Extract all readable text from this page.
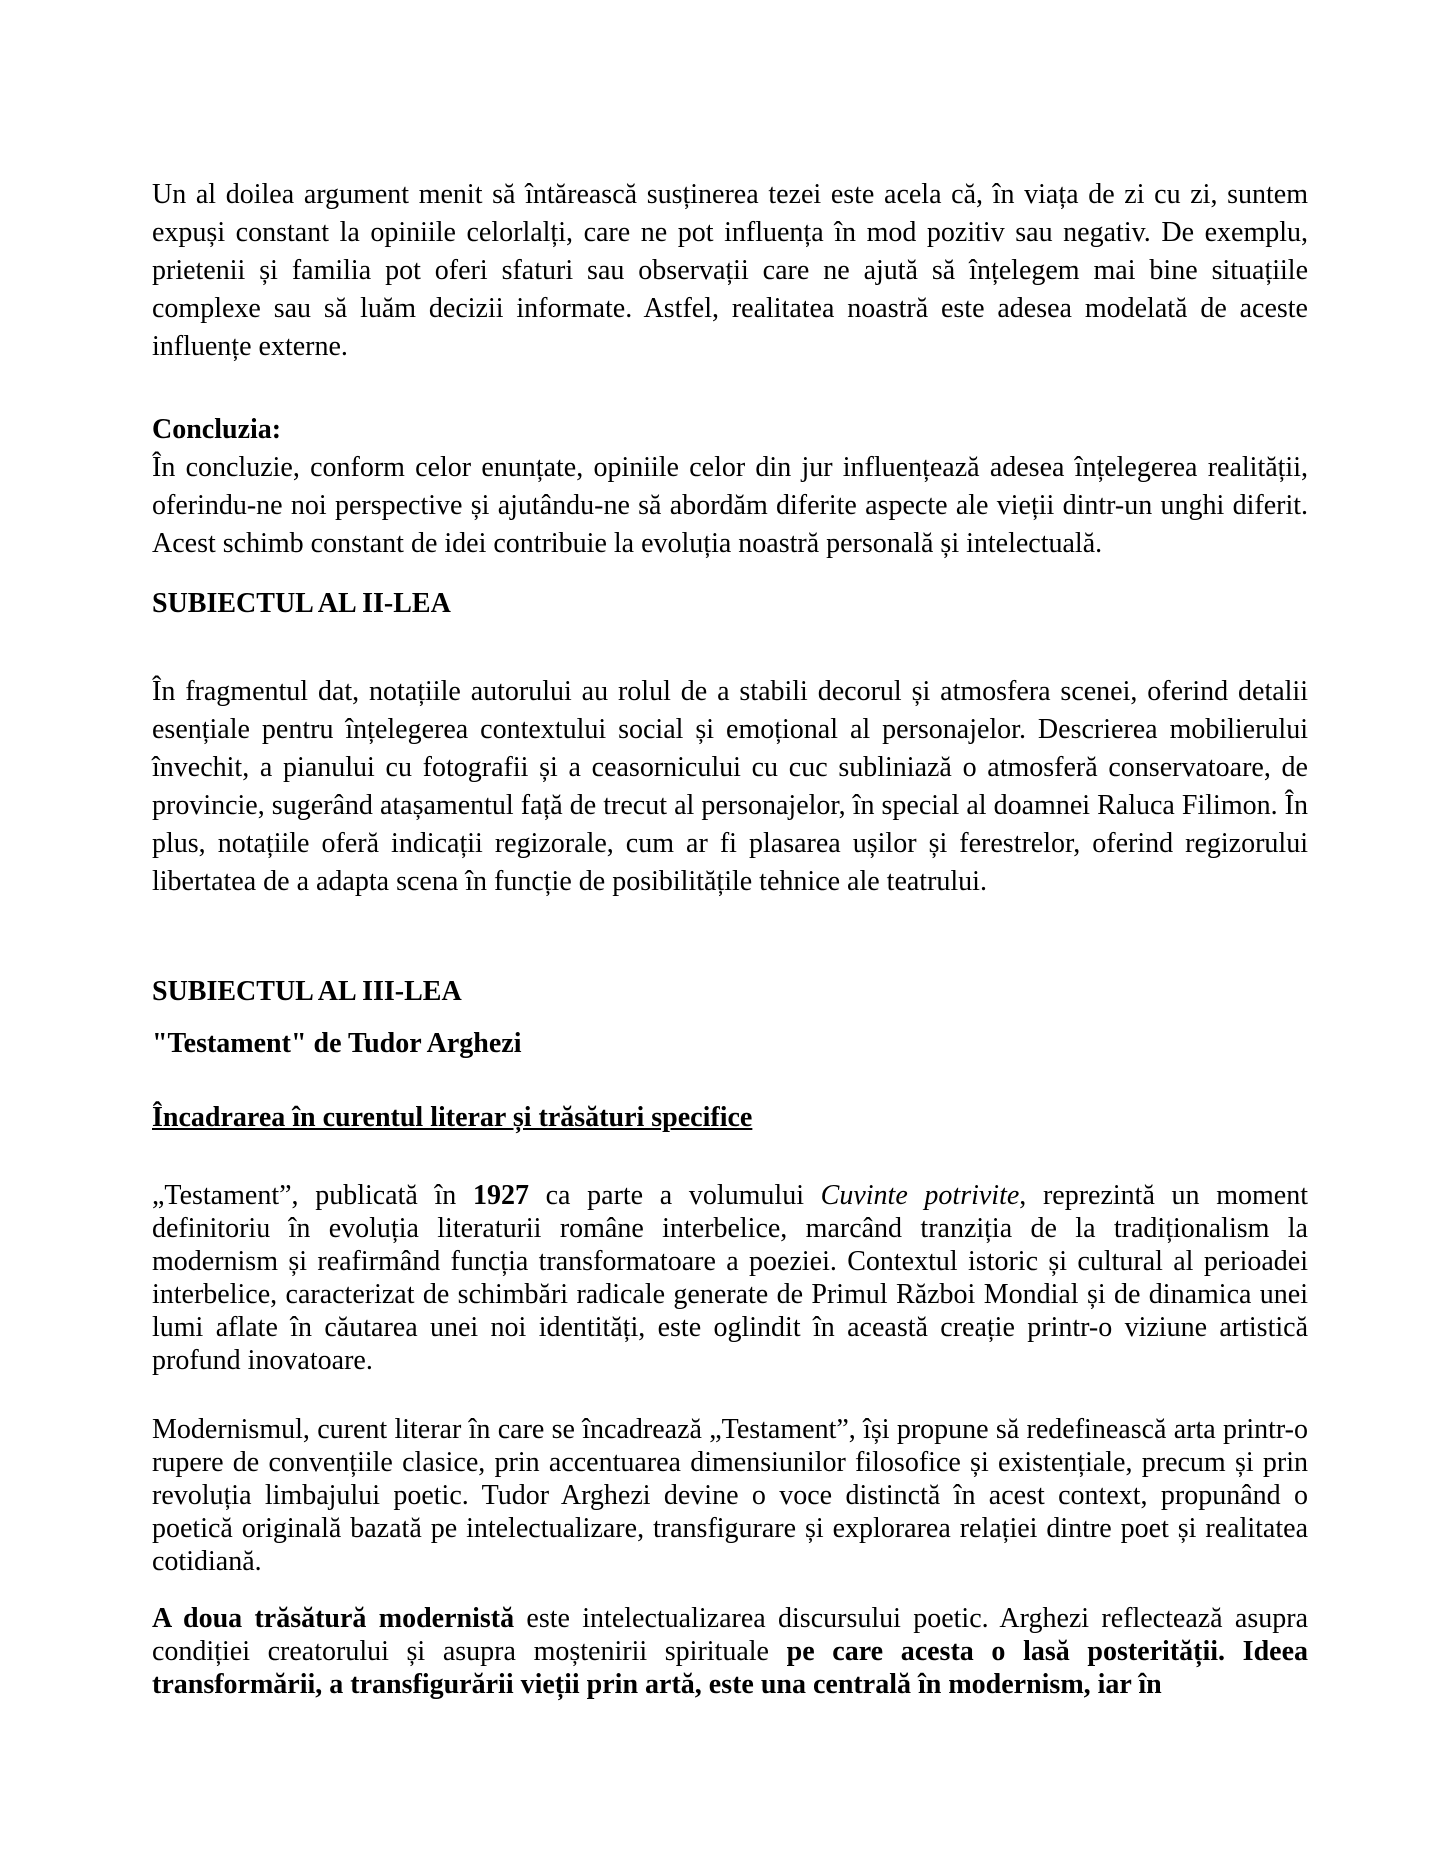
Un al doilea argument menit să întărească susținerea tezei este acela că, în viața de zi cu zi, suntem expuși constant la opiniile celorlalți, care ne pot influența în mod pozitiv sau negativ. De exemplu, prietenii și familia pot oferi sfaturi sau observații care ne ajută să înțelegem mai bine situațiile complexe sau să luăm decizii informate. Astfel, realitatea noastră este adesea modelată de aceste influențe externe.

Concluzia:

În concluzie, conform celor enunțate, opiniile celor din jur influențează adesea înțelegerea realității, oferindu-ne noi perspective și ajutându-ne să abordăm diferite aspecte ale vieții dintr-un unghi diferit. Acest schimb constant de idei contribuie la evoluția noastră personală și intelectuală.

SUBIECTUL AL II-LEA

În fragmentul dat, notațiile autorului au rolul de a stabili decorul și atmosfera scenei, oferind detalii esențiale pentru înțelegerea contextului social și emoțional al personajelor. Descrierea mobilierului învechit, a pianului cu fotografii și a ceasornicului cu cuc subliniază o atmosferă conservatoare, de provincie, sugerând atașamentul față de trecut al personajelor, în special al doamnei Raluca Filimon. În plus, notațiile oferă indicații regizorale, cum ar fi plasarea ușilor și ferestrelor, oferind regizorului libertatea de a adapta scena în funcție de posibilitățile tehnice ale teatrului.

SUBIECTUL AL III-LEA

"Testament" de Tudor Arghezi

Încadrarea în curentul literar și trăsături specifice

„Testament”, publicată în 1927 ca parte a volumului Cuvinte potrivite, reprezintă un moment definitoriu în evoluția literaturii române interbelice, marcând tranziția de la tradiționalism la modernism și reafirmând funcția transformatoare a poeziei. Contextul istoric și cultural al perioadei interbelice, caracterizat de schimbări radicale generate de Primul Război Mondial și de dinamica unei lumi aflate în căutarea unei noi identități, este oglindit în această creație printr-o viziune artistică profund inovatoare.

Modernismul, curent literar în care se încadrează „Testament”, își propune să redefinească arta printr-o rupere de convențiile clasice, prin accentuarea dimensiunilor filosofice și existențiale, precum și prin revoluția limbajului poetic. Tudor Arghezi devine o voce distinctă în acest context, propunând o poetică originală bazată pe intelectualizare, transfigurare și explorarea relației dintre poet și realitatea cotidiană.

A doua trăsătură modernistă este intelectualizarea discursului poetic. Arghezi reflectează asupra condiției creatorului și asupra moștenirii spirituale pe care acesta o lasă posterității. Ideea transformării, a transfigurării vieții prin artă, este una centrală în modernism, iar în
